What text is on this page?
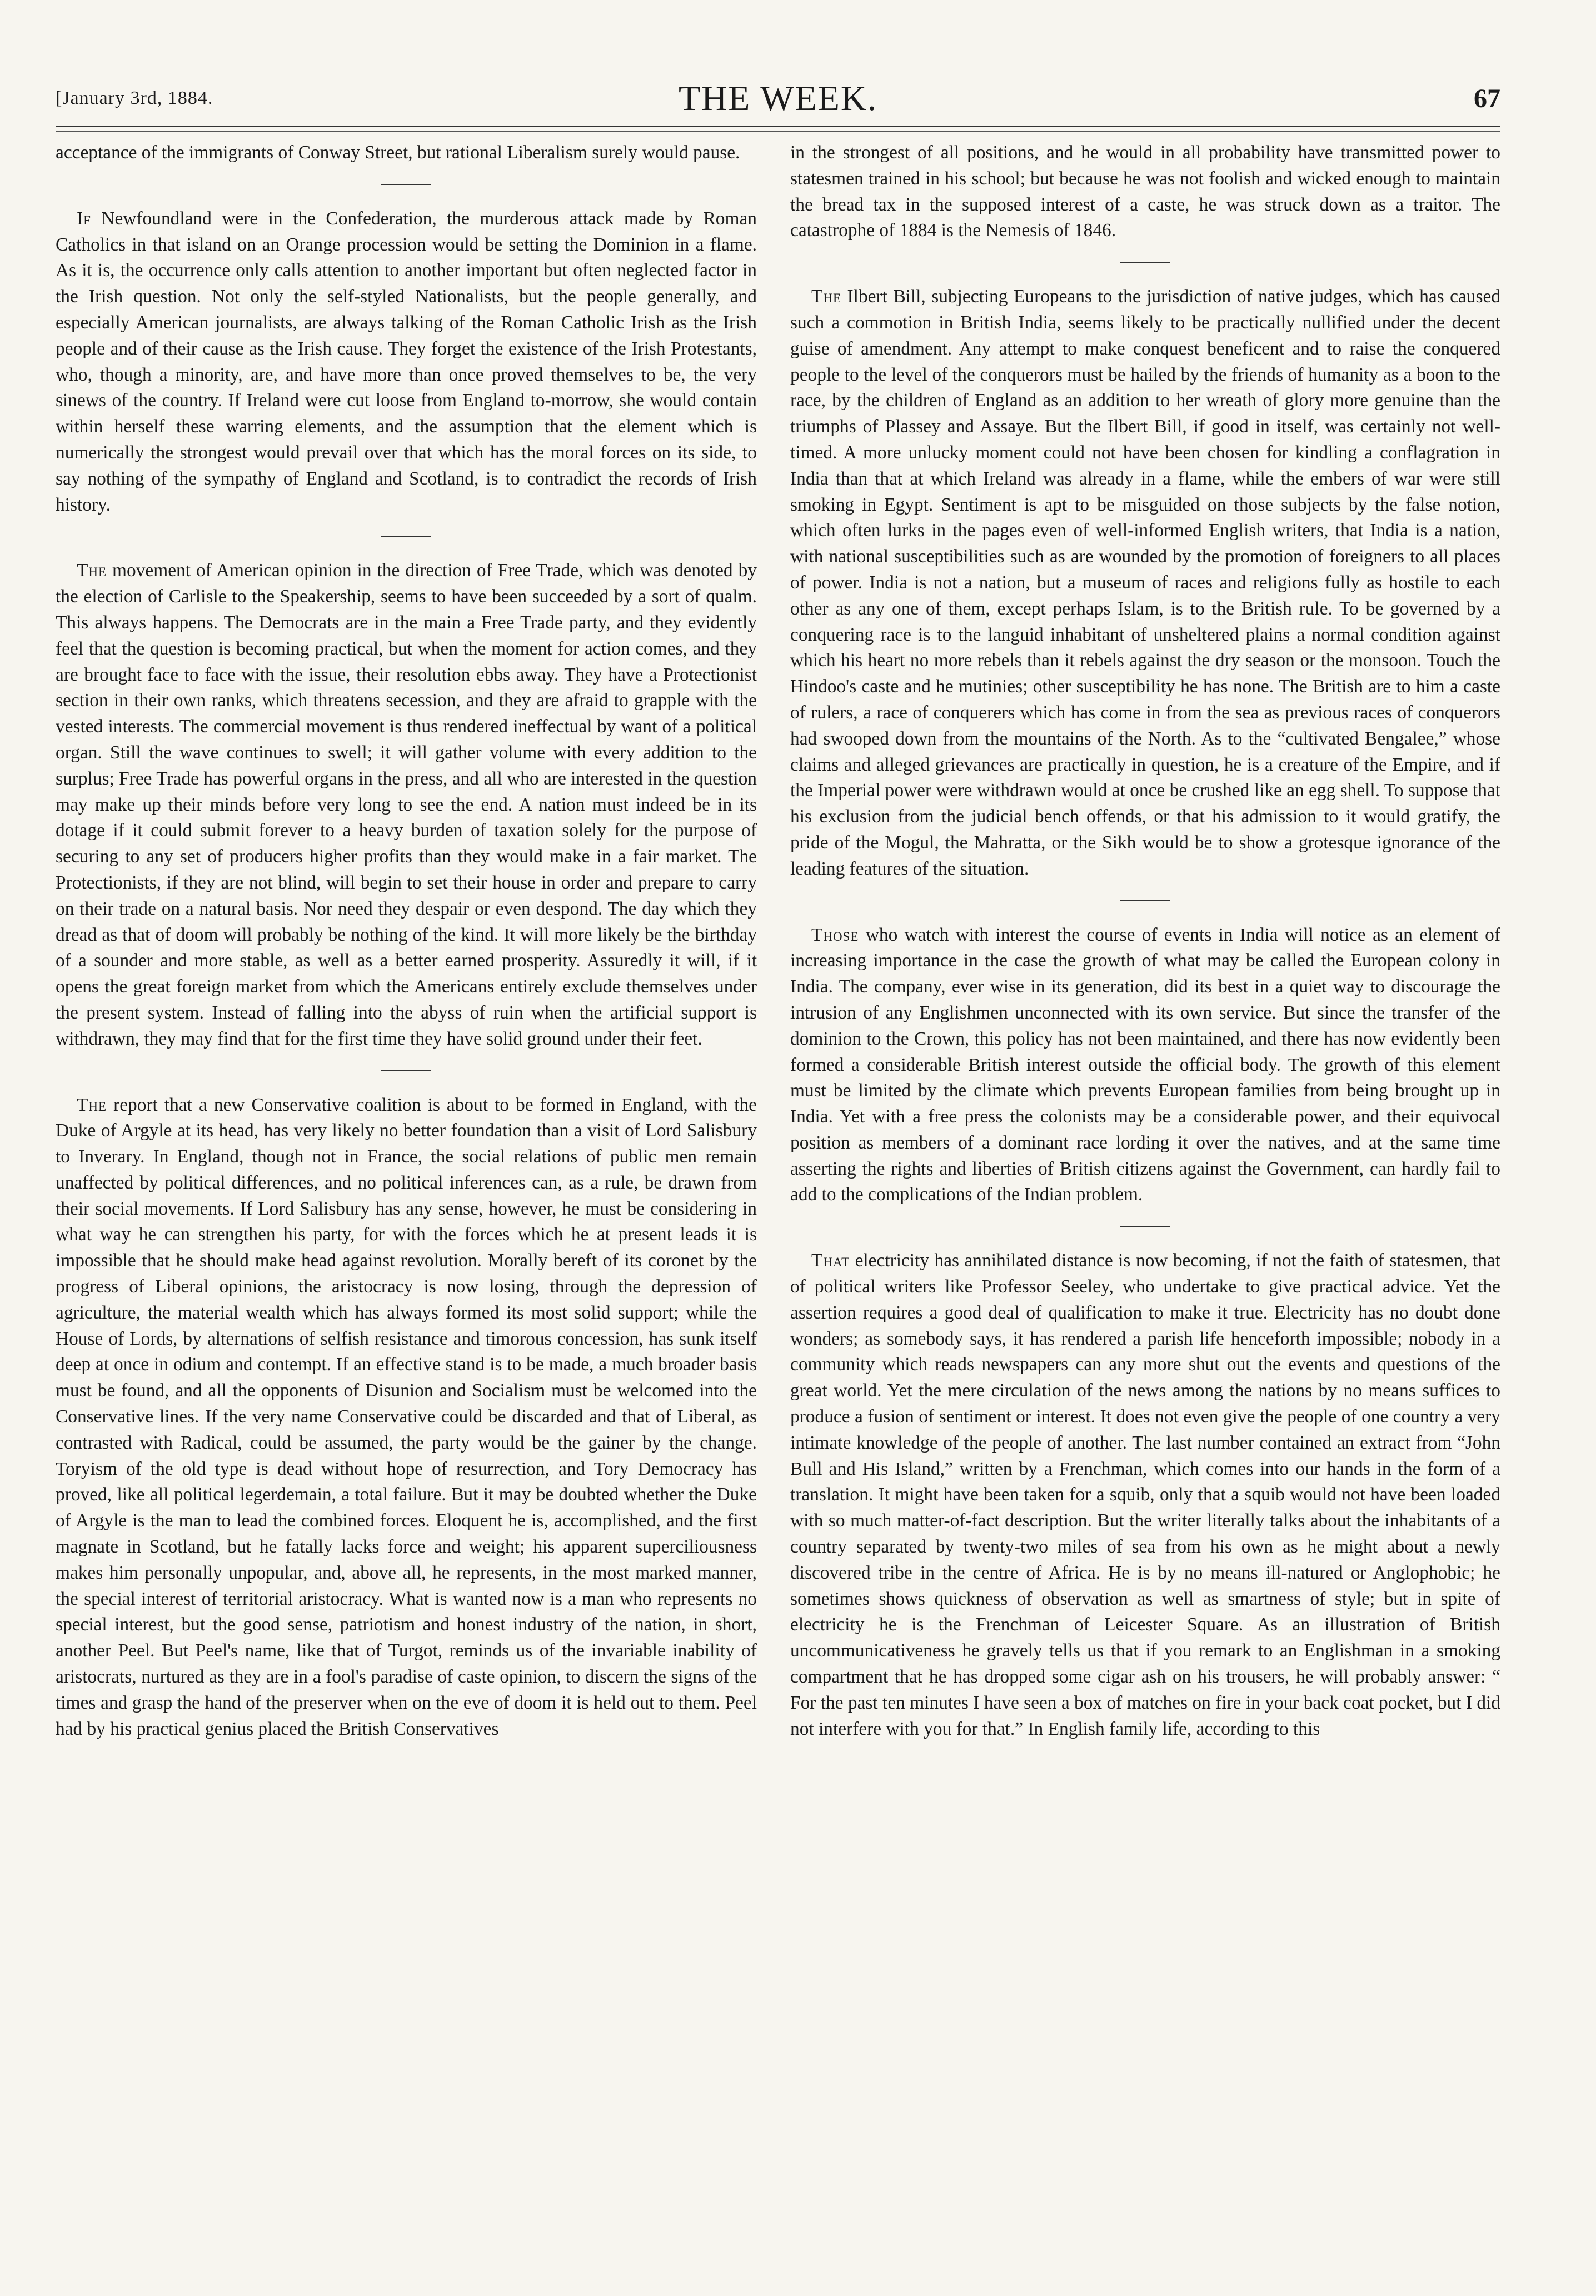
[January 3rd, 1884.	THE WEEK.	67

acceptance of the immigrants of Conway Street, but rational Liberalism surely would pause.

If Newfoundland were in the Confederation, the murderous attack made by Roman Catholics in that island on an Orange procession would be setting the Dominion in a flame. As it is, the occurrence only calls attention to another important but often neglected factor in the Irish question. Not only the self-styled Nationalists, but the people generally, and especially American journalists, are always talking of the Roman Catholic Irish as the Irish people and of their cause as the Irish cause. They forget the existence of the Irish Protestants, who, though a minority, are, and have more than once proved themselves to be, the very sinews of the country. If Ireland were cut loose from England to-morrow, she would contain within herself these warring elements, and the assumption that the element which is numerically the strongest would prevail over that which has the moral forces on its side, to say nothing of the sympathy of England and Scotland, is to contradict the records of Irish history.

The movement of American opinion in the direction of Free Trade, which was denoted by the election of Carlisle to the Speakership, seems to have been succeeded by a sort of qualm. This always happens. The Democrats are in the main a Free Trade party, and they evidently feel that the question is becoming practical, but when the moment for action comes, and they are brought face to face with the issue, their resolution ebbs away. They have a Protectionist section in their own ranks, which threatens secession, and they are afraid to grapple with the vested interests. The commercial movement is thus rendered ineffectual by want of a political organ. Still the wave continues to swell; it will gather volume with every addition to the surplus; Free Trade has powerful organs in the press, and all who are interested in the question may make up their minds before very long to see the end. A nation must indeed be in its dotage if it could submit forever to a heavy burden of taxation solely for the purpose of securing to any set of producers higher profits than they would make in a fair market. The Protectionists, if they are not blind, will begin to set their house in order and prepare to carry on their trade on a natural basis. Nor need they despair or even despond. The day which they dread as that of doom will probably be nothing of the kind. It will more likely be the birthday of a sounder and more stable, as well as a better earned prosperity. Assuredly it will, if it opens the great foreign market from which the Americans entirely exclude themselves under the present system. Instead of falling into the abyss of ruin when the artificial support is withdrawn, they may find that for the first time they have solid ground under their feet.

The report that a new Conservative coalition is about to be formed in England, with the Duke of Argyle at its head, has very likely no better foundation than a visit of Lord Salisbury to Inverary. In England, though not in France, the social relations of public men remain unaffected by political differences, and no political inferences can, as a rule, be drawn from their social movements. If Lord Salisbury has any sense, however, he must be considering in what way he can strengthen his party, for with the forces which he at present leads it is impossible that he should make head against revolution. Morally bereft of its coronet by the progress of Liberal opinions, the aristocracy is now losing, through the depression of agriculture, the material wealth which has always formed its most solid support; while the House of Lords, by alternations of selfish resistance and timorous concession, has sunk itself deep at once in odium and contempt. If an effective stand is to be made, a much broader basis must be found, and all the opponents of Disunion and Socialism must be welcomed into the Conservative lines. If the very name Conservative could be discarded and that of Liberal, as contrasted with Radical, could be assumed, the party would be the gainer by the change. Toryism of the old type is dead without hope of resurrection, and Tory Democracy has proved, like all political legerdemain, a total failure. But it may be doubted whether the Duke of Argyle is the man to lead the combined forces. Eloquent he is, accomplished, and the first magnate in Scotland, but he fatally lacks force and weight; his apparent superciliousness makes him personally unpopular, and, above all, he represents, in the most marked manner, the special interest of territorial aristocracy. What is wanted now is a man who represents no special interest, but the good sense, patriotism and honest industry of the nation, in short, another Peel. But Peel's name, like that of Turgot, reminds us of the invariable inability of aristocrats, nurtured as they are in a fool's paradise of caste opinion, to discern the signs of the times and grasp the hand of the preserver when on the eve of doom it is held out to them. Peel had by his practical genius placed the British Conservatives

in the strongest of all positions, and he would in all probability have transmitted power to statesmen trained in his school; but because he was not foolish and wicked enough to maintain the bread tax in the supposed interest of a caste, he was struck down as a traitor. The catastrophe of 1884 is the Nemesis of 1846.

The Ilbert Bill, subjecting Europeans to the jurisdiction of native judges, which has caused such a commotion in British India, seems likely to be practically nullified under the decent guise of amendment. Any attempt to make conquest beneficent and to raise the conquered people to the level of the conquerors must be hailed by the friends of humanity as a boon to the race, by the children of England as an addition to her wreath of glory more genuine than the triumphs of Plassey and Assaye. But the Ilbert Bill, if good in itself, was certainly not well-timed. A more unlucky moment could not have been chosen for kindling a conflagration in India than that at which Ireland was already in a flame, while the embers of war were still smoking in Egypt. Sentiment is apt to be misguided on those subjects by the false notion, which often lurks in the pages even of well-informed English writers, that India is a nation, with national susceptibilities such as are wounded by the promotion of foreigners to all places of power. India is not a nation, but a museum of races and religions fully as hostile to each other as any one of them, except perhaps Islam, is to the British rule. To be governed by a conquering race is to the languid inhabitant of unsheltered plains a normal condition against which his heart no more rebels than it rebels against the dry season or the monsoon. Touch the Hindoo's caste and he mutinies; other susceptibility he has none. The British are to him a caste of rulers, a race of conquerers which has come in from the sea as previous races of conquerors had swooped down from the mountains of the North. As to the “cultivated Bengalee,” whose claims and alleged grievances are practically in question, he is a creature of the Empire, and if the Imperial power were withdrawn would at once be crushed like an egg shell. To suppose that his exclusion from the judicial bench offends, or that his admission to it would gratify, the pride of the Mogul, the Mahratta, or the Sikh would be to show a grotesque ignorance of the leading features of the situation.

Those who watch with interest the course of events in India will notice as an element of increasing importance in the case the growth of what may be called the European colony in India. The company, ever wise in its generation, did its best in a quiet way to discourage the intrusion of any Englishmen unconnected with its own service. But since the transfer of the dominion to the Crown, this policy has not been maintained, and there has now evidently been formed a considerable British interest outside the official body. The growth of this element must be limited by the climate which prevents European families from being brought up in India. Yet with a free press the colonists may be a considerable power, and their equivocal position as members of a dominant race lording it over the natives, and at the same time asserting the rights and liberties of British citizens against the Government, can hardly fail to add to the complications of the Indian problem.

That electricity has annihilated distance is now becoming, if not the faith of statesmen, that of political writers like Professor Seeley, who undertake to give practical advice. Yet the assertion requires a good deal of qualification to make it true. Electricity has no doubt done wonders; as somebody says, it has rendered a parish life henceforth impossible; nobody in a community which reads newspapers can any more shut out the events and questions of the great world. Yet the mere circulation of the news among the nations by no means suffices to produce a fusion of sentiment or interest. It does not even give the people of one country a very intimate knowledge of the people of another. The last number contained an extract from “John Bull and His Island,” written by a Frenchman, which comes into our hands in the form of a translation. It might have been taken for a squib, only that a squib would not have been loaded with so much matter-of-fact description. But the writer literally talks about the inhabitants of a country separated by twenty-two miles of sea from his own as he might about a newly discovered tribe in the centre of Africa. He is by no means ill-natured or Anglophobic; he sometimes shows quickness of observation as well as smartness of style; but in spite of electricity he is the Frenchman of Leicester Square. As an illustration of British uncommunicativeness he gravely tells us that if you remark to an Englishman in a smoking compartment that he has dropped some cigar ash on his trousers, he will probably answer: “ For the past ten minutes I have seen a box of matches on fire in your back coat pocket, but I did not interfere with you for that.” In English family life, according to this
